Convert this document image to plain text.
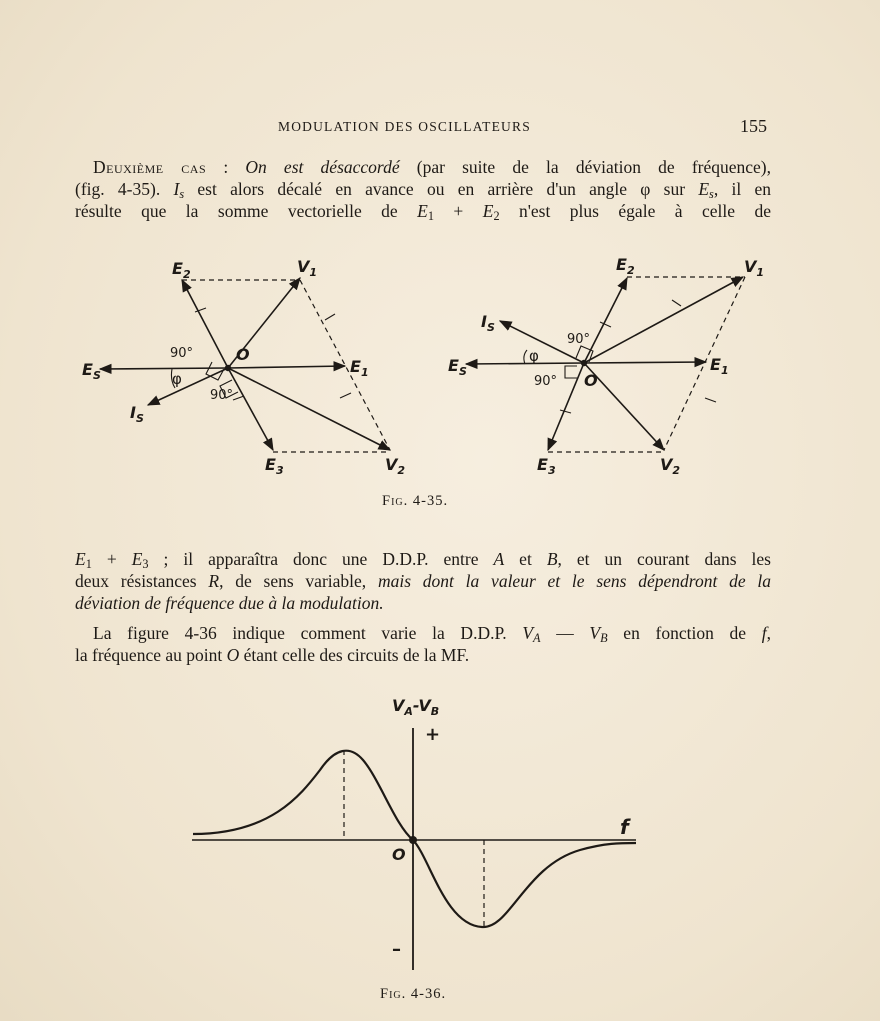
MODULATION DES OSCILLATEURS	155
Deuxième cas : On est désaccordé (par suite de la déviation de fréquence),
(fig. 4-35). $I_s$ est alors décalé en avance ou en arrière d'un angle φ sur $E_s$, il en
résulte que la somme vectorielle de $E_1 + E_2$ n'est plus égale à celle de
$E_2$	$V_1$
$E_S$	$E_1$
$I_S$
$E_3$	$V_2$
O
90°
90°
φ
$E_2$	$V_1$
$I_S$
$E_S$	$E_1$
$E_3$	$V_2$
O
90°
90°
φ
$V_A-V_B$
+
–
f
O
Fig. 4-35.
$E_1 + E_3$ ; il apparaîtra donc une D.D.P. entre A et B, et un courant dans les
deux résistances R, de sens variable, mais dont la valeur et le sens dépendront de la
déviation de fréquence due à la modulation.
La figure 4-36 indique comment varie la D.D.P. $V_A$ — $V_B$ en fonction de f,
la fréquence au point O étant celle des circuits de la MF.
Fig. 4-36.
